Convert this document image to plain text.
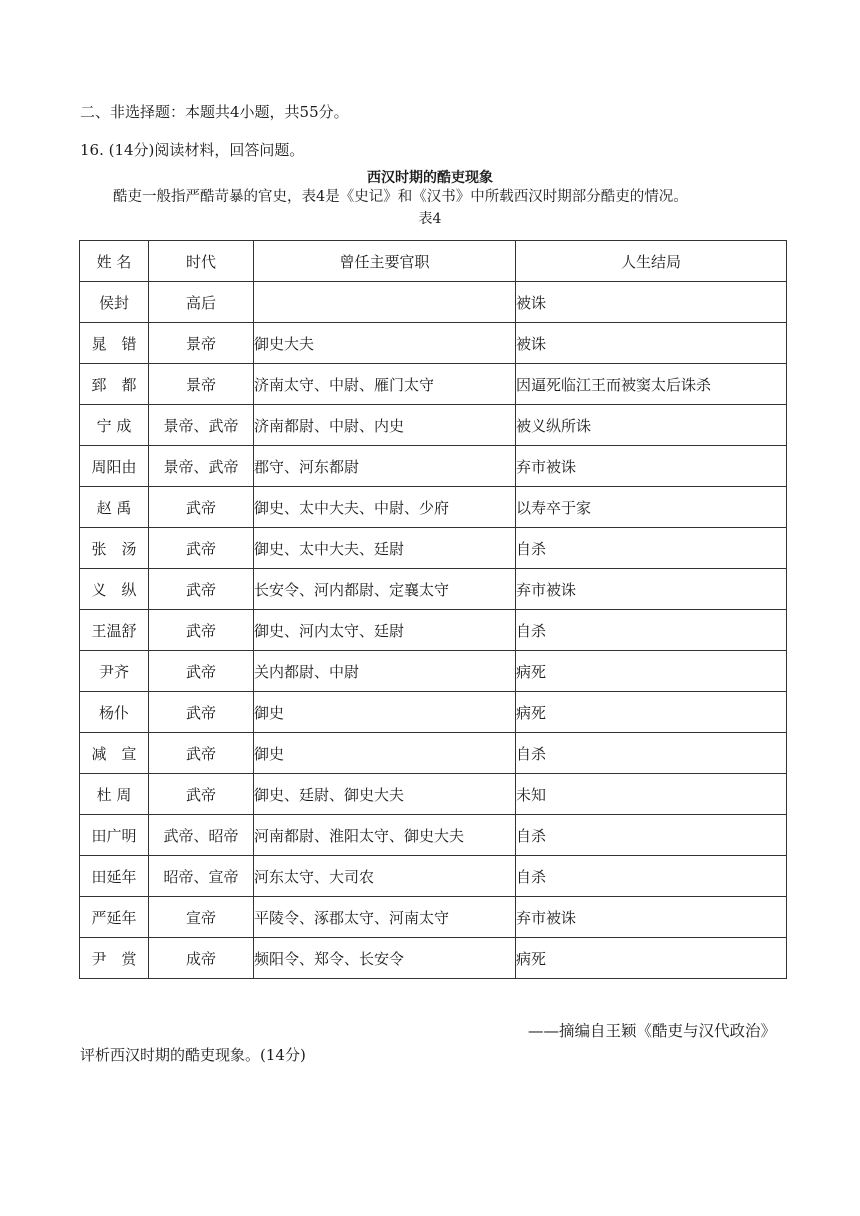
二、非选择题：本题共4小题，共55分。
16. (14分)阅读材料，回答问题。
西汉时期的酷吏现象
酷吏一般指严酷苛暴的官史，表4是《史记》和《汉书》中所载西汉时期部分酷吏的情况。
表4
姓 名	时代	曾任主要官职	人生结局
侯封	高后		被诛
晁　错	景帝	御史大夫	被诛
郅　都	景帝	济南太守、中尉、雁门太守	因逼死临江王而被窦太后诛杀
宁 成	景帝、武帝	济南都尉、中尉、内史	被义纵所诛
周阳由	景帝、武帝	郡守、河东都尉	弃市被诛
赵 禹	武帝	御史、太中大夫、中尉、少府	以寿卒于家
张　汤	武帝	御史、太中大夫、廷尉	自杀
义　纵	武帝	长安令、河内都尉、定襄太守	弃市被诛
王温舒	武帝	御史、河内太守、廷尉	自杀
尹齐	武帝	关内都尉、中尉	病死
杨仆	武帝	御史	病死
减　宣	武帝	御史	自杀
杜 周	武帝	御史、廷尉、御史大夫	未知
田广明	武帝、昭帝	河南都尉、淮阳太守、御史大夫	自杀
田延年	昭帝、宣帝	河东太守、大司农	自杀
严延年	宣帝	平陵令、涿郡太守、河南太守	弃市被诛
尹　赏	成帝	频阳令、郑令、长安令	病死
——摘编自王颖《酷吏与汉代政治》
评析西汉时期的酷吏现象。(14分)
